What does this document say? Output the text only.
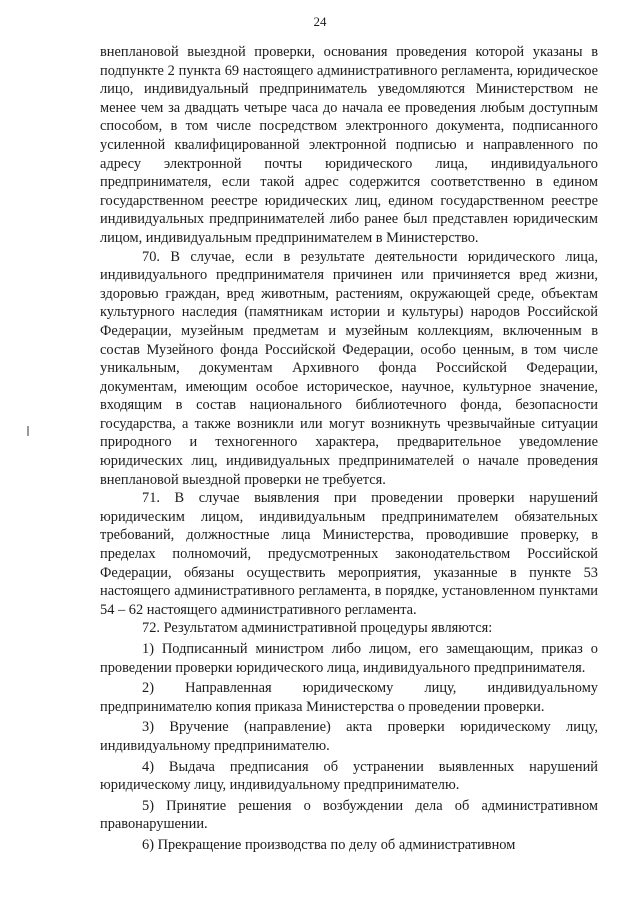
24

внеплановой выездной проверки, основания проведения которой указаны в подпункте 2 пункта 69 настоящего административного регламента, юридическое лицо, индивидуальный предприниматель уведомляются Министерством не менее чем за двадцать четыре часа до начала ее проведения любым доступным способом, в том числе посредством электронного документа, подписанного усиленной квалифицированной электронной подписью и направленного по адресу электронной почты юридического лица, индивидуального предпринимателя, если такой адрес содержится соответственно в едином государственном реестре юридических лиц, едином государственном реестре индивидуальных предпринимателей либо ранее был представлен юридическим лицом, индивидуальным предпринимателем в Министерство.

70. В случае, если в результате деятельности юридического лица, индивидуального предпринимателя причинен или причиняется вред жизни, здоровью граждан, вред животным, растениям, окружающей среде, объектам культурного наследия (памятникам истории и культуры) народов Российской Федерации, музейным предметам и музейным коллекциям, включенным в состав Музейного фонда Российской Федерации, особо ценным, в том числе уникальным, документам Архивного фонда Российской Федерации, документам, имеющим особое историческое, научное, культурное значение, входящим в состав национального библиотечного фонда, безопасности государства, а также возникли или могут возникнуть чрезвычайные ситуации природного и техногенного характера, предварительное уведомление юридических лиц, индивидуальных предпринимателей о начале проведения внеплановой выездной проверки не требуется.

71. В случае выявления при проведении проверки нарушений юридическим лицом, индивидуальным предпринимателем обязательных требований, должностные лица Министерства, проводившие проверку, в пределах полномочий, предусмотренных законодательством Российской Федерации, обязаны осуществить мероприятия, указанные в пункте 53 настоящего административного регламента, в порядке, установленном пунктами 54 – 62 настоящего административного регламента.

72. Результатом административной процедуры являются:

1) Подписанный министром либо лицом, его замещающим, приказ о проведении проверки юридического лица, индивидуального предпринимателя.

2) Направленная юридическому лицу, индивидуальному предпринимателю копия приказа Министерства о проведении проверки.

3) Вручение (направление) акта проверки юридическому лицу, индивидуальному предпринимателю.

4) Выдача предписания об устранении выявленных нарушений юридическому лицу, индивидуальному предпринимателю.

5) Принятие решения о возбуждении дела об административном правонарушении.

6) Прекращение производства по делу об административном
